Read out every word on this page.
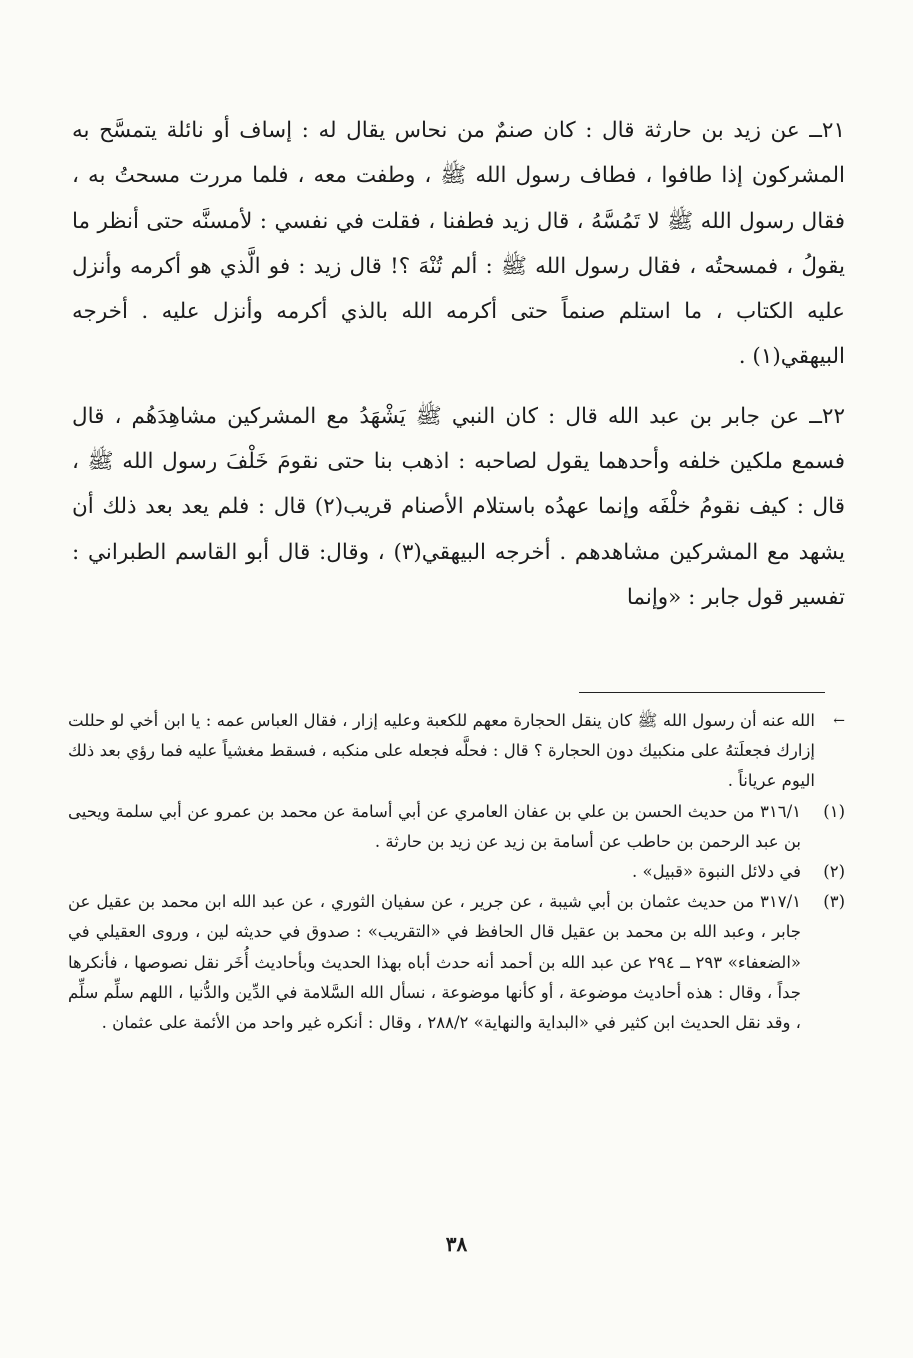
٢١ــ عن زيد بن حارثة قال : كان صنمٌ من نحاس يقال له : إساف أو نائلة يتمسَّح به المشركون إذا طافوا ، فطاف رسول الله ﷺ ، وطفت معه ، فلما مررت مسحتُ به ، فقال رسول الله ﷺ لا تَمُسَّهُ ، قال زيد فطفنا ، فقلت في نفسي : لأمسنَّه حتى أنظر ما يقولُ ، فمسحتُه ، فقال رسول الله ﷺ : ألم تُنْهَ ؟! قال زيد : فو الَّذي هو أكرمه وأنزل عليه الكتاب ، ما استلم صنماً حتى أكرمه الله بالذي أكرمه وأنزل عليه . أخرجه البيهقي(١) .

٢٢ــ عن جابر بن عبد الله قال : كان النبي ﷺ يَشْهَدُ مع المشركين مشاهِدَهُم ، قال فسمع ملكين خلفه وأحدهما يقول لصاحبه : اذهب بنا حتى نقومَ خَلْفَ رسول الله ﷺ ، قال : كيف نقومُ خلْفَه وإنما عهدُه باستلام الأصنام قريب(٢) قال : فلم يعد بعد ذلك أن يشهد مع المشركين مشاهدهم . أخرجه البيهقي(٣) ، وقال: قال أبو القاسم الطبراني : تفسير قول جابر : «وإنما

←
الله عنه أن رسول الله ﷺ كان ينقل الحجارة معهم للكعبة وعليه إزار ، فقال العباس عمه : يا ابن أخي لو حللت إزارك فجعلَتهُ على منكبيك دون الحجارة ؟ قال : فحلَّه فجعله على منكبه ، فسقط مغشياً عليه فما رؤي بعد ذلك اليوم عرياناً .
(١)
٣١٦/١ من حديث الحسن بن علي بن عفان العامري عن أبي أسامة عن محمد بن عمرو عن أبي سلمة ويحيى بن عبد الرحمن بن حاطب عن أسامة بن زيد عن زيد بن حارثة .
(٢)
في دلائل النبوة «قبيل» .
(٣)
٣١٧/١ من حديث عثمان بن أبي شيبة ، عن جرير ، عن سفيان الثوري ، عن عبد الله ابن محمد بن عقيل عن جابر ، وعبد الله بن محمد بن عقيل قال الحافظ في «التقريب» : صدوق في حديثه لين ، وروى العقيلي في «الضعفاء» ٢٩٣ ــ ٢٩٤ عن عبد الله بن أحمد أنه حدث أباه بهذا الحديث وبأحاديث أُخَر نقل نصوصها ، فأنكرها جداً ، وقال : هذه أحاديث موضوعة ، أو كأنها موضوعة ، نسأل الله السَّلامة في الدِّين والدُّنيا ، اللهم سلِّم سلِّم ، وقد نقل الحديث ابن كثير في «البداية والنهاية» ٢٨٨/٢ ، وقال : أنكره غير واحد من الأئمة على عثمان .
٣٨
